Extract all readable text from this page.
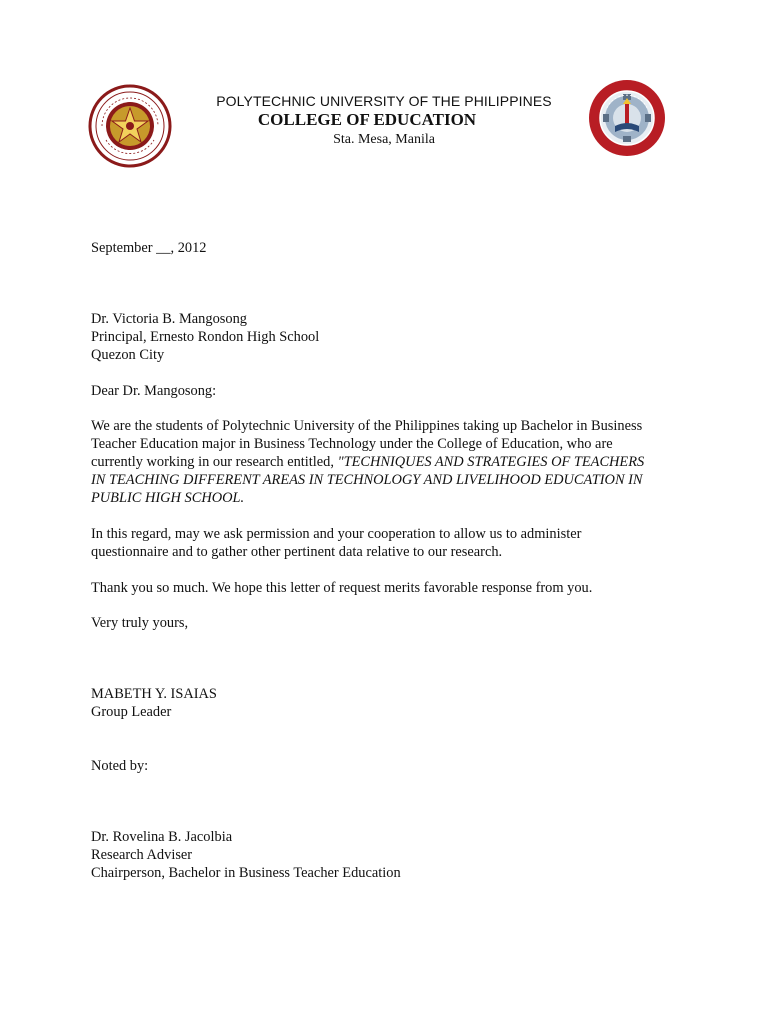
POLYTECHNIC UNIVERSITY OF THE PHILIPPINES
COLLEGE OF EDUCATION
Sta. Mesa, Manila
September __, 2012
Dr. Victoria B. Mangosong
Principal, Ernesto Rondon High School
Quezon City
Dear Dr. Mangosong:
We are the students of Polytechnic University of the Philippines taking up Bachelor in Business
Teacher Education major in Business Technology under the College of Education, who are
currently working in our research entitled, "TECHNIQUES AND STRATEGIES OF TEACHERS
IN TEACHING DIFFERENT AREAS IN TECHNOLOGY AND LIVELIHOOD EDUCATION IN
PUBLIC HIGH SCHOOL.
In this regard, may we ask permission and your cooperation to allow us to administer
questionnaire and to gather other pertinent data relative to our research.
Thank you so much. We hope this letter of request merits favorable response from you.
Very truly yours,
MABETH Y. ISAIAS
Group Leader
Noted by:
Dr. Rovelina B. Jacolbia
Research Adviser
Chairperson, Bachelor in Business Teacher Education
